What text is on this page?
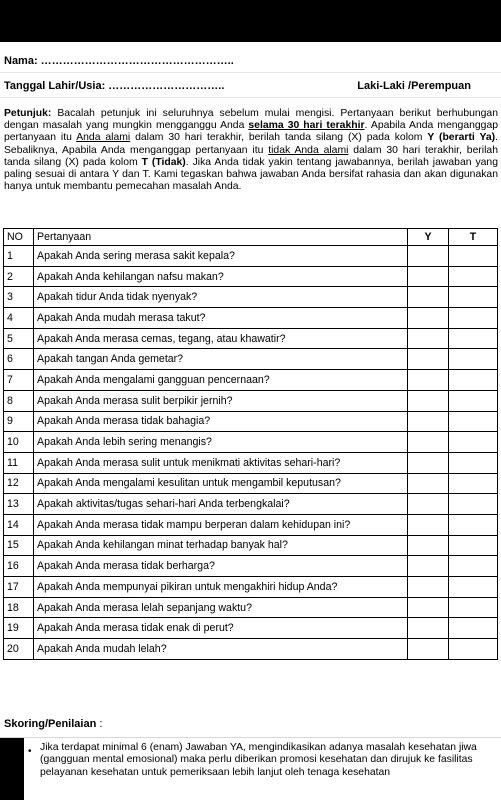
Nama: ……………………………………………..
Tanggal Lahir/Usia: …………………………..	Laki-Laki /Perempuan
Petunjuk: Bacalah petunjuk ini seluruhnya sebelum mulai mengisi. Pertanyaan berikut berhubungan dengan masalah yang mungkin mengganggu Anda selama 30 hari terakhir. Apabila Anda menganggap pertanyaan itu Anda alami dalam 30 hari terakhir, berilah tanda silang (X) pada kolom Y (berarti Ya). Sebaliknya, Apabila Anda menganggap pertanyaan itu tidak Anda alami dalam 30 hari terakhir, berilah tanda silang (X) pada kolom T (Tidak). Jika Anda tidak yakin tentang jawabannya, berilah jawaban yang paling sesuai di antara Y dan T. Kami tegaskan bahwa jawaban Anda bersifat rahasia dan akan digunakan hanya untuk membantu pemecahan masalah Anda.
NO	Pertanyaan	Y	T
1	Apakah Anda sering merasa sakit kepala?		
2	Apakah Anda kehilangan nafsu makan?		
3	Apakah tidur Anda tidak nyenyak?		
4	Apakah Anda mudah merasa takut?		
5	Apakah Anda merasa cemas, tegang, atau khawatir?		
6	Apakah tangan Anda gemetar?		
7	Apakah Anda mengalami gangguan pencernaan?		
8	Apakah Anda merasa sulit berpikir jernih?		
9	Apakah Anda merasa tidak bahagia?		
10	Apakah Anda lebih sering menangis?		
11	Apakah Anda merasa sulit untuk menikmati aktivitas sehari-hari?		
12	Apakah Anda mengalami kesulitan untuk mengambil keputusan?		
13	Apakah aktivitas/tugas sehari-hari Anda terbengkalai?		
14	Apakah Anda merasa tidak mampu berperan dalam kehidupan ini?		
15	Apakah Anda kehilangan minat terhadap banyak hal?		
16	Apakah Anda merasa tidak berharga?		
17	Apakah Anda mempunyai pikiran untuk mengakhiri hidup Anda?		
18	Apakah Anda merasa lelah sepanjang waktu?		
19	Apakah Anda merasa tidak enak di perut?		
20	Apakah Anda mudah lelah?		
Skoring/Penilaian :
• Jika terdapat minimal 6 (enam) Jawaban YA, mengindikasikan adanya masalah kesehatan jiwa (gangguan mental emosional) maka perlu diberikan promosi kesehatan dan dirujuk ke fasilitas pelayanan kesehatan untuk pemeriksaan lebih lanjut oleh tenaga kesehatan
